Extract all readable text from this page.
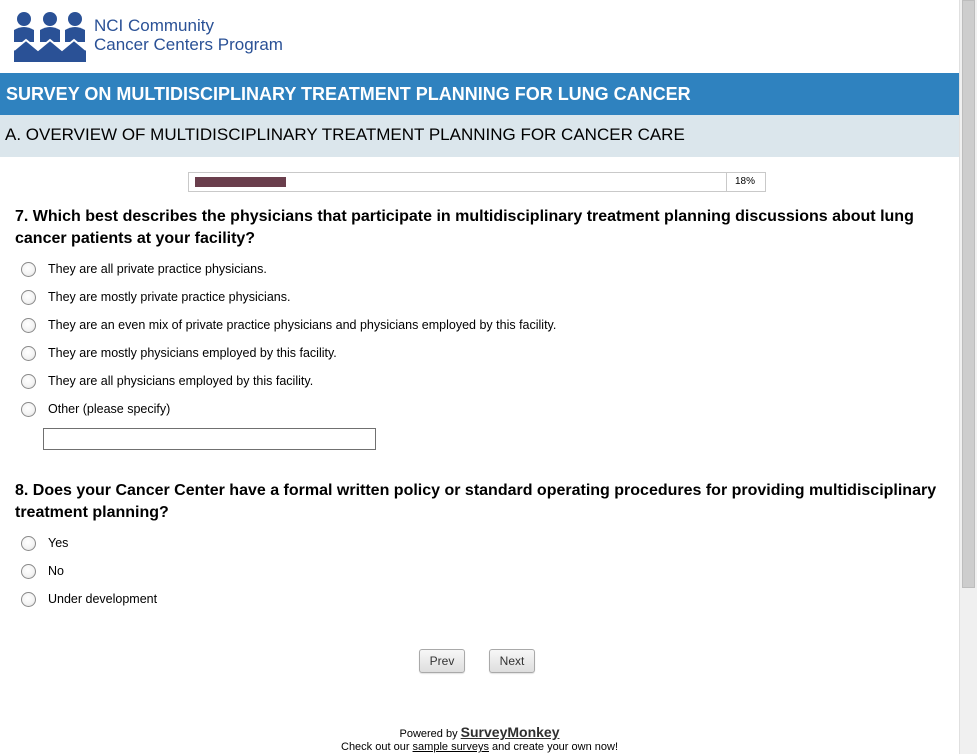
NCI Community
Cancer Centers Program
SURVEY ON MULTIDISCIPLINARY TREATMENT PLANNING FOR LUNG CANCER
A. OVERVIEW OF MULTIDISCIPLINARY TREATMENT PLANNING FOR CANCER CARE
18%
7. Which best describes the physicians that participate in multidisciplinary treatment planning discussions about lung cancer patients at your facility?
They are all private practice physicians.
They are mostly private practice physicians.
They are an even mix of private practice physicians and physicians employed by this facility.
They are mostly physicians employed by this facility.
They are all physicians employed by this facility.
Other (please specify)
8. Does your Cancer Center have a formal written policy or standard operating procedures for providing multidisciplinary treatment planning?
Yes
No
Under development
Prev	Next
Powered by SurveyMonkey
Check out our sample surveys and create your own now!
